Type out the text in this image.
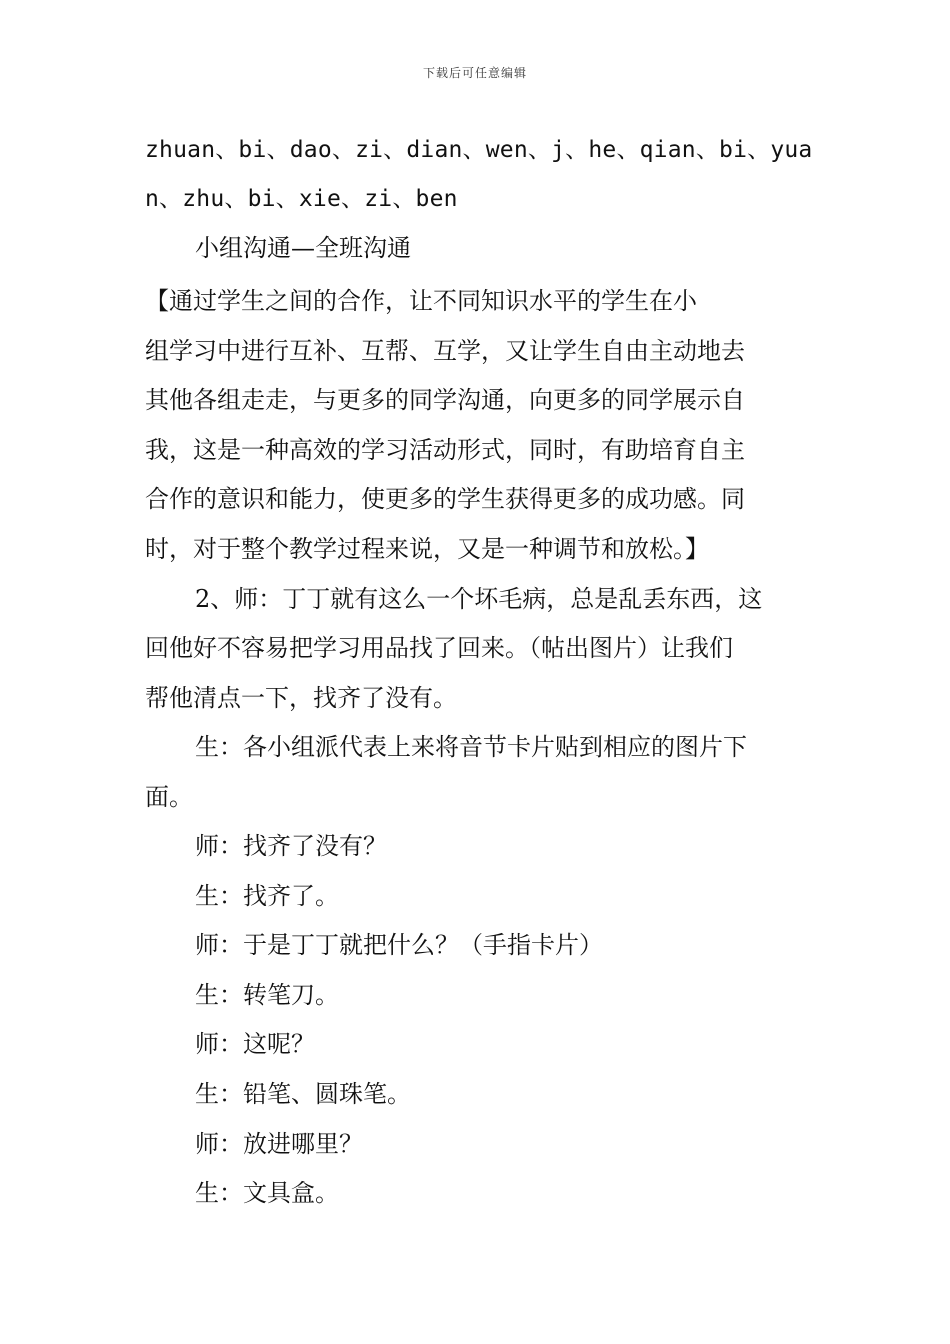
下载后可任意编辑
zhuan、bi、dao、zi、dian、wen、j、he、qian、bi、yua
n、zhu、bi、xie、zi、ben
小组沟通—全班沟通
【通过学生之间的合作，让不同知识水平的学生在小
组学习中进行互补、互帮、互学，又让学生自由主动地去
其他各组走走，与更多的同学沟通，向更多的同学展示自
我，这是一种高效的学习活动形式，同时，有助培育自主
合作的意识和能力，使更多的学生获得更多的成功感。同
时，对于整个教学过程来说，又是一种调节和放松。】
2、师：丁丁就有这么一个坏毛病，总是乱丢东西，这
回他好不容易把学习用品找了回来。（帖出图片）让我们
帮他清点一下，找齐了没有。
生：各小组派代表上来将音节卡片贴到相应的图片下
面。
师：找齐了没有？
生：找齐了。
师：于是丁丁就把什么？（手指卡片）
生：转笔刀。
师：这呢？
生：铅笔、圆珠笔。
师：放进哪里？
生：文具盒。
